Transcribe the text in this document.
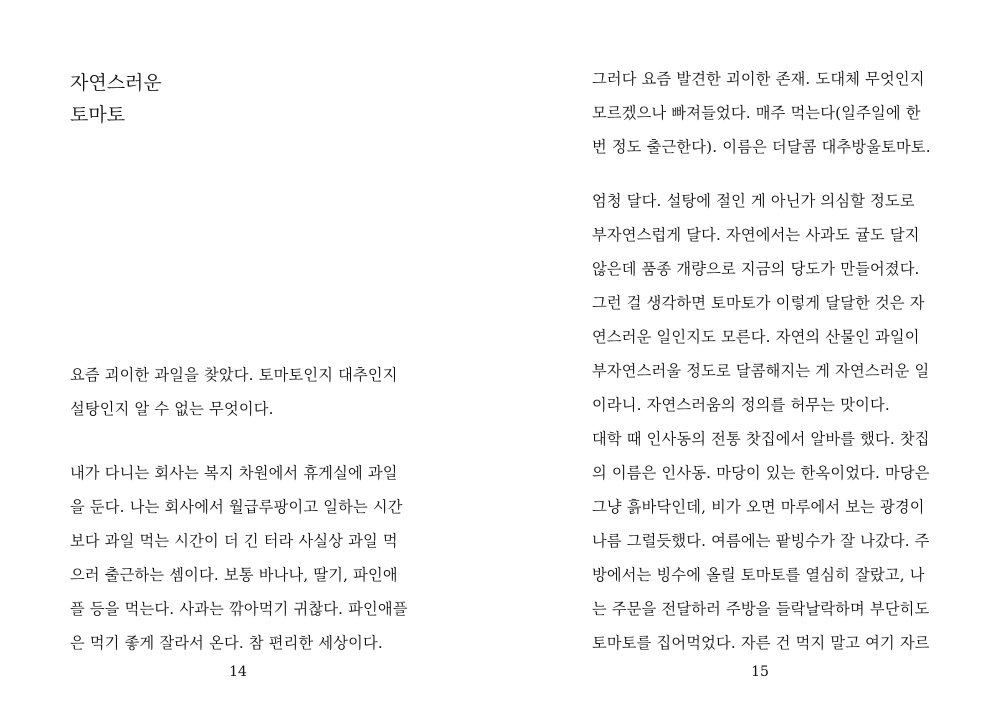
자연스러운
토마토

요즘 괴이한 과일을 찾았다. 토마토인지 대추인지
설탕인지 알 수 없는 무엇이다.

내가 다니는 회사는 복지 차원에서 휴게실에 과일
을 둔다. 나는 회사에서 월급루팡이고 일하는 시간
보다 과일 먹는 시간이 더 긴 터라 사실상 과일 먹
으러 출근하는 셈이다. 보통 바나나, 딸기, 파인애
플 등을 먹는다. 사과는 깎아먹기 귀찮다. 파인애플
은 먹기 좋게 잘라서 온다. 참 편리한 세상이다.

14

그러다 요즘 발견한 괴이한 존재. 도대체 무엇인지
모르겠으나 빠져들었다. 매주 먹는다(일주일에 한
번 정도 출근한다). 이름은 더달콤 대추방울토마토.

엄청 달다. 설탕에 절인 게 아닌가 의심할 정도로
부자연스럽게 달다. 자연에서는 사과도 귤도 달지
않은데 품종 개량으로 지금의 당도가 만들어졌다.
그런 걸 생각하면 토마토가 이렇게 달달한 것은 자
연스러운 일인지도 모른다. 자연의 산물인 과일이
부자연스러울 정도로 달콤해지는 게 자연스러운 일
이라니. 자연스러움의 정의를 허무는 맛이다.

대학 때 인사동의 전통 찻집에서 알바를 했다. 찻집
의 이름은 인사동. 마당이 있는 한옥이었다. 마당은
그냥 흙바닥인데, 비가 오면 마루에서 보는 광경이
나름 그럴듯했다. 여름에는 팥빙수가 잘 나갔다. 주
방에서는 빙수에 올릴 토마토를 열심히 잘랐고, 나
는 주문을 전달하러 주방을 들락날락하며 부단히도
토마토를 집어먹었다. 자른 건 먹지 말고 여기 자르

15
